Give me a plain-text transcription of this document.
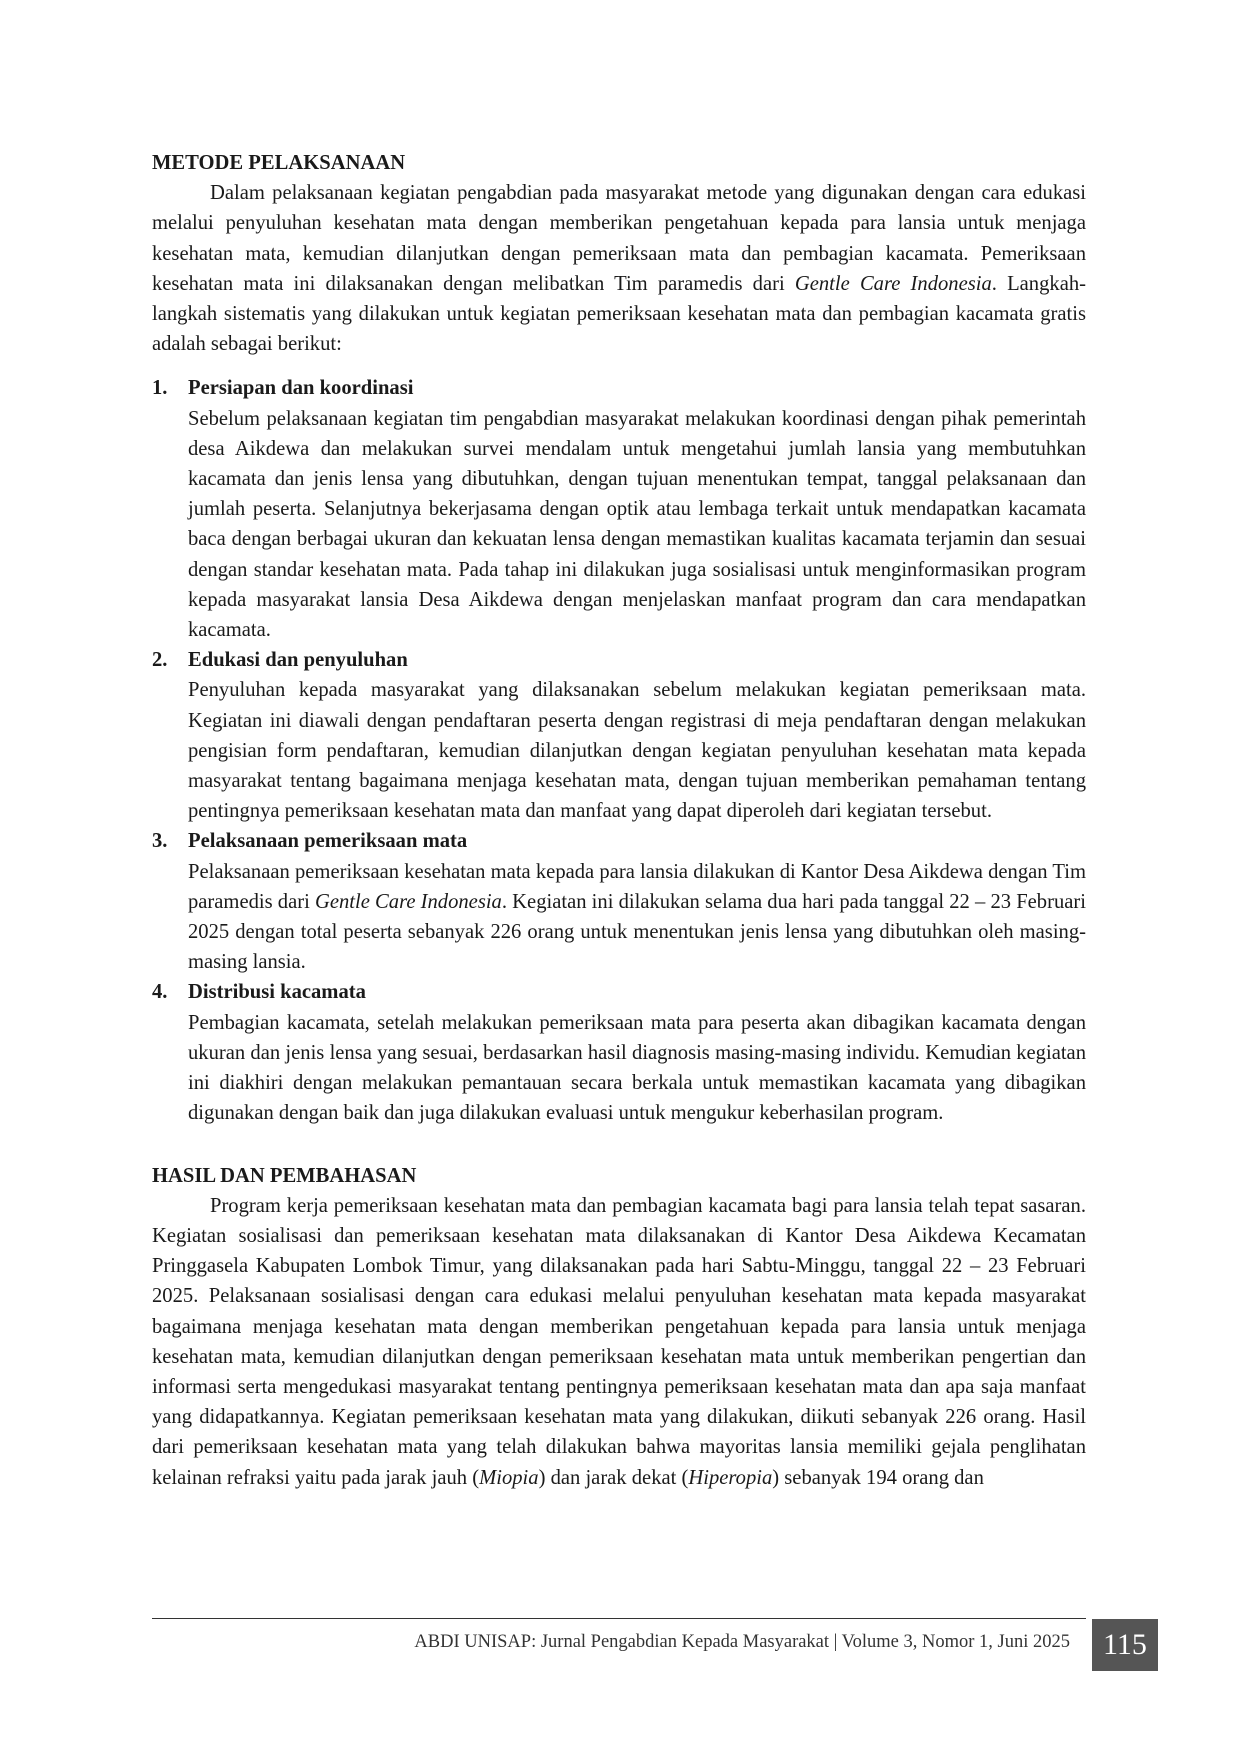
METODE PELAKSANAAN

Dalam pelaksanaan kegiatan pengabdian pada masyarakat metode yang digunakan dengan cara edukasi melalui penyuluhan kesehatan mata dengan memberikan pengetahuan kepada para lansia untuk menjaga kesehatan mata, kemudian dilanjutkan dengan pemeriksaan mata dan pembagian kacamata. Pemeriksaan kesehatan mata ini dilaksanakan dengan melibatkan Tim paramedis dari Gentle Care Indonesia. Langkah-langkah sistematis yang dilakukan untuk kegiatan pemeriksaan kesehatan mata dan pembagian kacamata gratis adalah sebagai berikut:

1. Persiapan dan koordinasi

Sebelum pelaksanaan kegiatan tim pengabdian masyarakat melakukan koordinasi dengan pihak pemerintah desa Aikdewa dan melakukan survei mendalam untuk mengetahui jumlah lansia yang membutuhkan kacamata dan jenis lensa yang dibutuhkan, dengan tujuan menentukan tempat, tanggal pelaksanaan dan jumlah peserta. Selanjutnya bekerjasama dengan optik atau lembaga terkait untuk mendapatkan kacamata baca dengan berbagai ukuran dan kekuatan lensa dengan memastikan kualitas kacamata terjamin dan sesuai dengan standar kesehatan mata. Pada tahap ini dilakukan juga sosialisasi untuk menginformasikan program kepada masyarakat lansia Desa Aikdewa dengan menjelaskan manfaat program dan cara mendapatkan kacamata.

2. Edukasi dan penyuluhan

Penyuluhan kepada masyarakat yang dilaksanakan sebelum melakukan kegiatan pemeriksaan mata. Kegiatan ini diawali dengan pendaftaran peserta dengan registrasi di meja pendaftaran dengan melakukan pengisian form pendaftaran, kemudian dilanjutkan dengan kegiatan penyuluhan kesehatan mata kepada masyarakat tentang bagaimana menjaga kesehatan mata, dengan tujuan memberikan pemahaman tentang pentingnya pemeriksaan kesehatan mata dan manfaat yang dapat diperoleh dari kegiatan tersebut.

3. Pelaksanaan pemeriksaan mata

Pelaksanaan pemeriksaan kesehatan mata kepada para lansia dilakukan di Kantor Desa Aikdewa dengan Tim paramedis dari Gentle Care Indonesia. Kegiatan ini dilakukan selama dua hari pada tanggal 22 – 23 Februari 2025 dengan total peserta sebanyak 226 orang untuk menentukan jenis lensa yang dibutuhkan oleh masing-masing lansia.

4. Distribusi kacamata

Pembagian kacamata, setelah melakukan pemeriksaan mata para peserta akan dibagikan kacamata dengan ukuran dan jenis lensa yang sesuai, berdasarkan hasil diagnosis masing-masing individu. Kemudian kegiatan ini diakhiri dengan melakukan pemantauan secara berkala untuk memastikan kacamata yang dibagikan digunakan dengan baik dan juga dilakukan evaluasi untuk mengukur keberhasilan program.

HASIL DAN PEMBAHASAN

Program kerja pemeriksaan kesehatan mata dan pembagian kacamata bagi para lansia telah tepat sasaran. Kegiatan sosialisasi dan pemeriksaan kesehatan mata dilaksanakan di Kantor Desa Aikdewa Kecamatan Pringgasela Kabupaten Lombok Timur, yang dilaksanakan pada hari Sabtu-Minggu, tanggal 22 – 23 Februari 2025. Pelaksanaan sosialisasi dengan cara edukasi melalui penyuluhan kesehatan mata kepada masyarakat bagaimana menjaga kesehatan mata dengan memberikan pengetahuan kepada para lansia untuk menjaga kesehatan mata, kemudian dilanjutkan dengan pemeriksaan kesehatan mata untuk memberikan pengertian dan informasi serta mengedukasi masyarakat tentang pentingnya pemeriksaan kesehatan mata dan apa saja manfaat yang didapatkannya. Kegiatan pemeriksaan kesehatan mata yang dilakukan, diikuti sebanyak 226 orang. Hasil dari pemeriksaan kesehatan mata yang telah dilakukan bahwa mayoritas lansia memiliki gejala penglihatan kelainan refraksi yaitu pada jarak jauh (Miopia) dan jarak dekat (Hiperopia) sebanyak 194 orang dan

ABDI UNISAP: Jurnal Pengabdian Kepada Masyarakat | Volume 3, Nomor 1, Juni 2025	115
